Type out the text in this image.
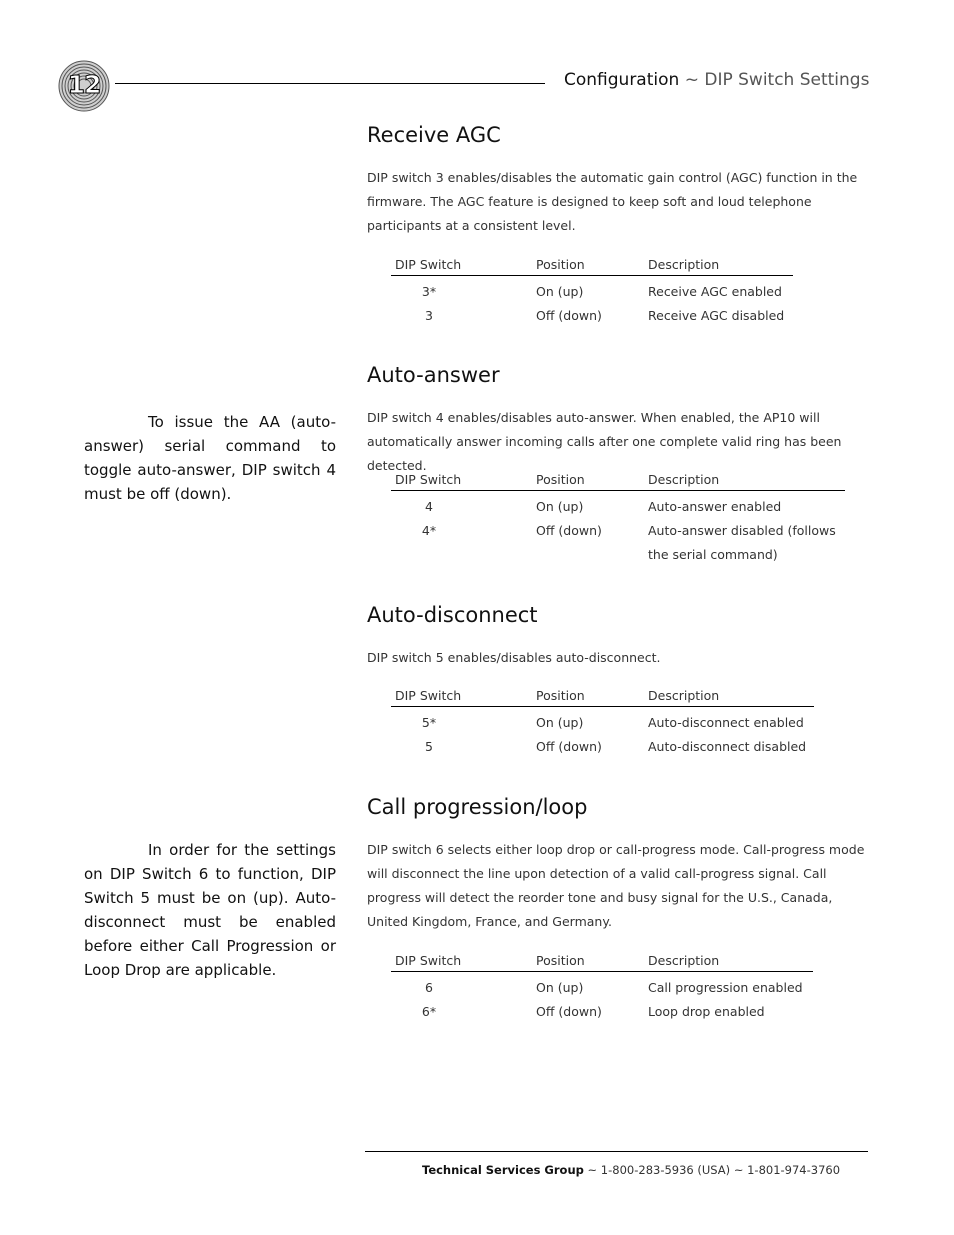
12	Configuration ~ DIP Switch Settings
Receive AGC

DIP switch 3 enables/disables the automatic gain control (AGC) function in the firmware. The AGC feature is designed to keep soft and loud telephone participants at a consistent level.

DIP Switch	Position	Description
3*	On (up)	Receive AGC enabled
3	Off (down)	Receive AGC disabled
Auto-answer

To issue the AA (auto-answer) serial command to toggle auto-answer, DIP switch 4 must be off (down).

DIP switch 4 enables/disables auto-answer. When enabled, the AP10 will automatically answer incoming calls after one complete valid ring has been detected.

DIP Switch	Position	Description
4	On (up)	Auto-answer enabled
4*	Off (down)	Auto-answer disabled (follows
the serial command)
Auto-disconnect

DIP switch 5 enables/disables auto-disconnect.

DIP Switch	Position	Description
5*	On (up)	Auto-disconnect enabled
5	Off (down)	Auto-disconnect disabled
Call progression/loop

In order for the settings on DIP Switch 6 to function, DIP Switch 5 must be on (up). Auto-disconnect must be enabled before either Call Progression or Loop Drop are applicable.

DIP switch 6 selects either loop drop or call-progress mode. Call-progress mode will disconnect the line upon detection of a valid call-progress signal. Call progress will detect the reorder tone and busy signal for the U.S., Canada, United Kingdom, France, and Germany.

DIP Switch	Position	Description
6	On (up)	Call progression enabled
6*	Off (down)	Loop drop enabled
Technical Services Group ~ 1-800-283-5936 (USA) ~ 1-801-974-3760
